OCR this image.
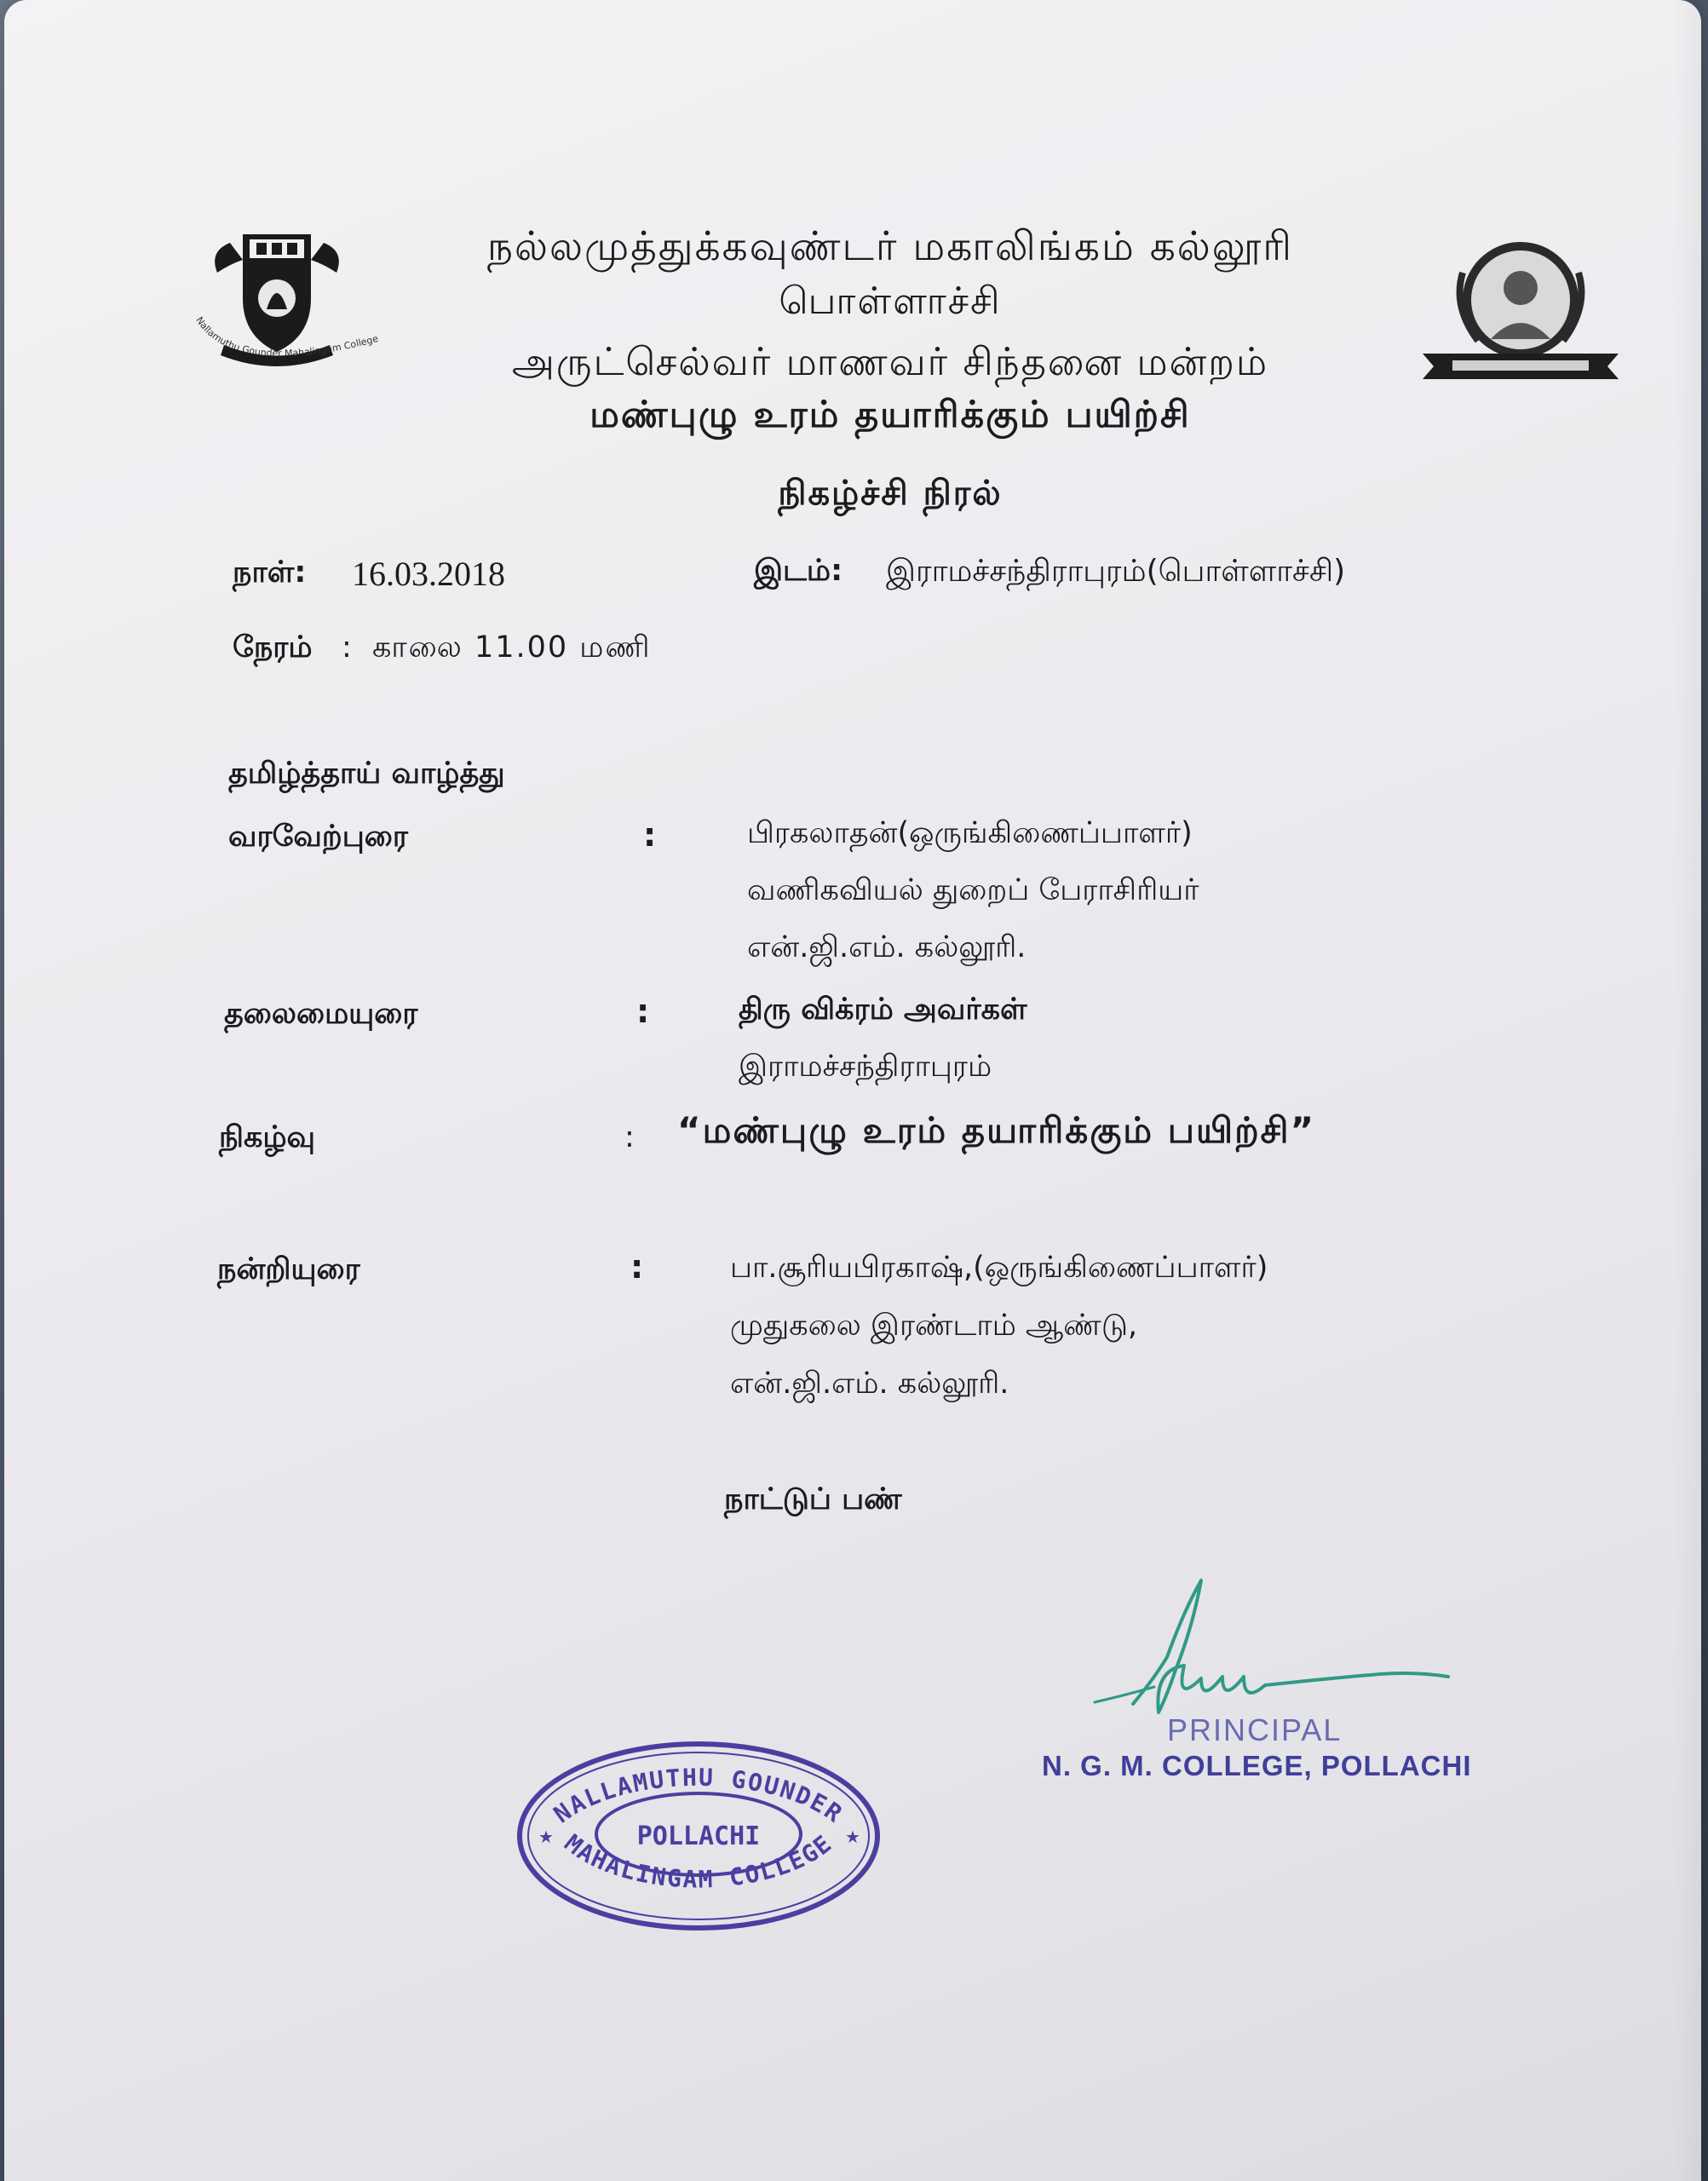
Nallamuthu Gounder Mahalingam College
நல்லமுத்துக்கவுண்டர் மகாலிங்கம் கல்லூரி
பொள்ளாச்சி
அருட்செல்வர் மாணவர் சிந்தனை மன்றம்
மண்புழு உரம் தயாரிக்கும் பயிற்சி
நிகழ்ச்சி நிரல்
நாள்: 16.03.2018	இடம்: இராமச்சந்திராபுரம்(பொள்ளாச்சி)
நேரம் : காலை 11.00 மணி
தமிழ்த்தாய் வாழ்த்து
வரவேற்புரை	:	பிரகலாதன்(ஒருங்கிணைப்பாளர்)
வணிகவியல் துறைப் பேராசிரியர்
என்.ஜி.எம். கல்லூரி.
தலைமையுரை	:	திரு விக்ரம் அவர்கள்
இராமச்சந்திராபுரம்
நிகழ்வு	: “மண்புழு உரம் தயாரிக்கும் பயிற்சி”
நன்றியுரை	:	பா.சூரியபிரகாஷ்,(ஒருங்கிணைப்பாளர்)
முதுகலை இரண்டாம் ஆண்டு,
என்.ஜி.எம். கல்லூரி.
நாட்டுப் பண்
PRINCIPAL
N. G. M. COLLEGE, POLLACHI
NALLAMUTHU GOUNDER
MAHALINGAM COLLEGE
POLLACHI
★	★
